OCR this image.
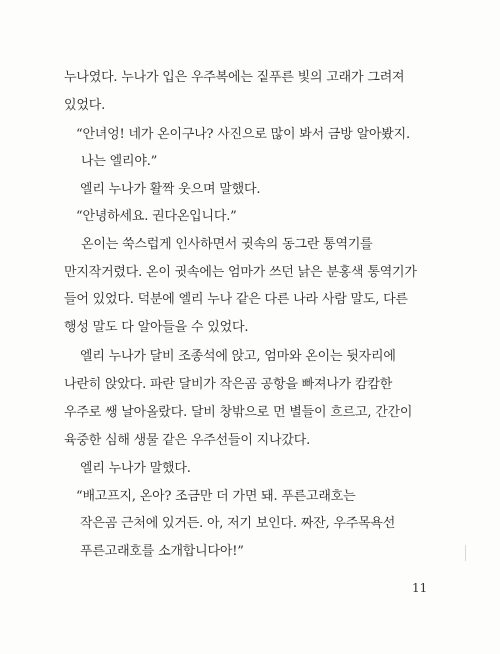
누나였다. 누나가 입은 우주복에는 짙푸른 빛의 고래가 그려져
있었다.
“안녀엉! 네가 온이구나? 사진으로 많이 봐서 금방 알아봤지.
나는 엘리야.”
엘리 누나가 활짝 웃으며 말했다.
“안녕하세요. 권다온입니다.”
온이는 쑥스럽게 인사하면서 귓속의 동그란 통역기를
만지작거렸다. 온이 귓속에는 엄마가 쓰던 낡은 분홍색 통역기가
들어 있었다. 덕분에 엘리 누나 같은 다른 나라 사람 말도, 다른
행성 말도 다 알아들을 수 있었다.
엘리 누나가 달비 조종석에 앉고, 엄마와 온이는 뒷자리에
나란히 앉았다. 파란 달비가 작은곰 공항을 빠져나가 캄캄한
우주로 쌩 날아올랐다. 달비 창밖으로 먼 별들이 흐르고, 간간이
육중한 심해 생물 같은 우주선들이 지나갔다.
엘리 누나가 말했다.
“배고프지, 온아? 조금만 더 가면 돼. 푸른고래호는
작은곰 근처에 있거든. 아, 저기 보인다. 짜잔, 우주목욕선
푸른고래호를 소개합니다아!”
11
